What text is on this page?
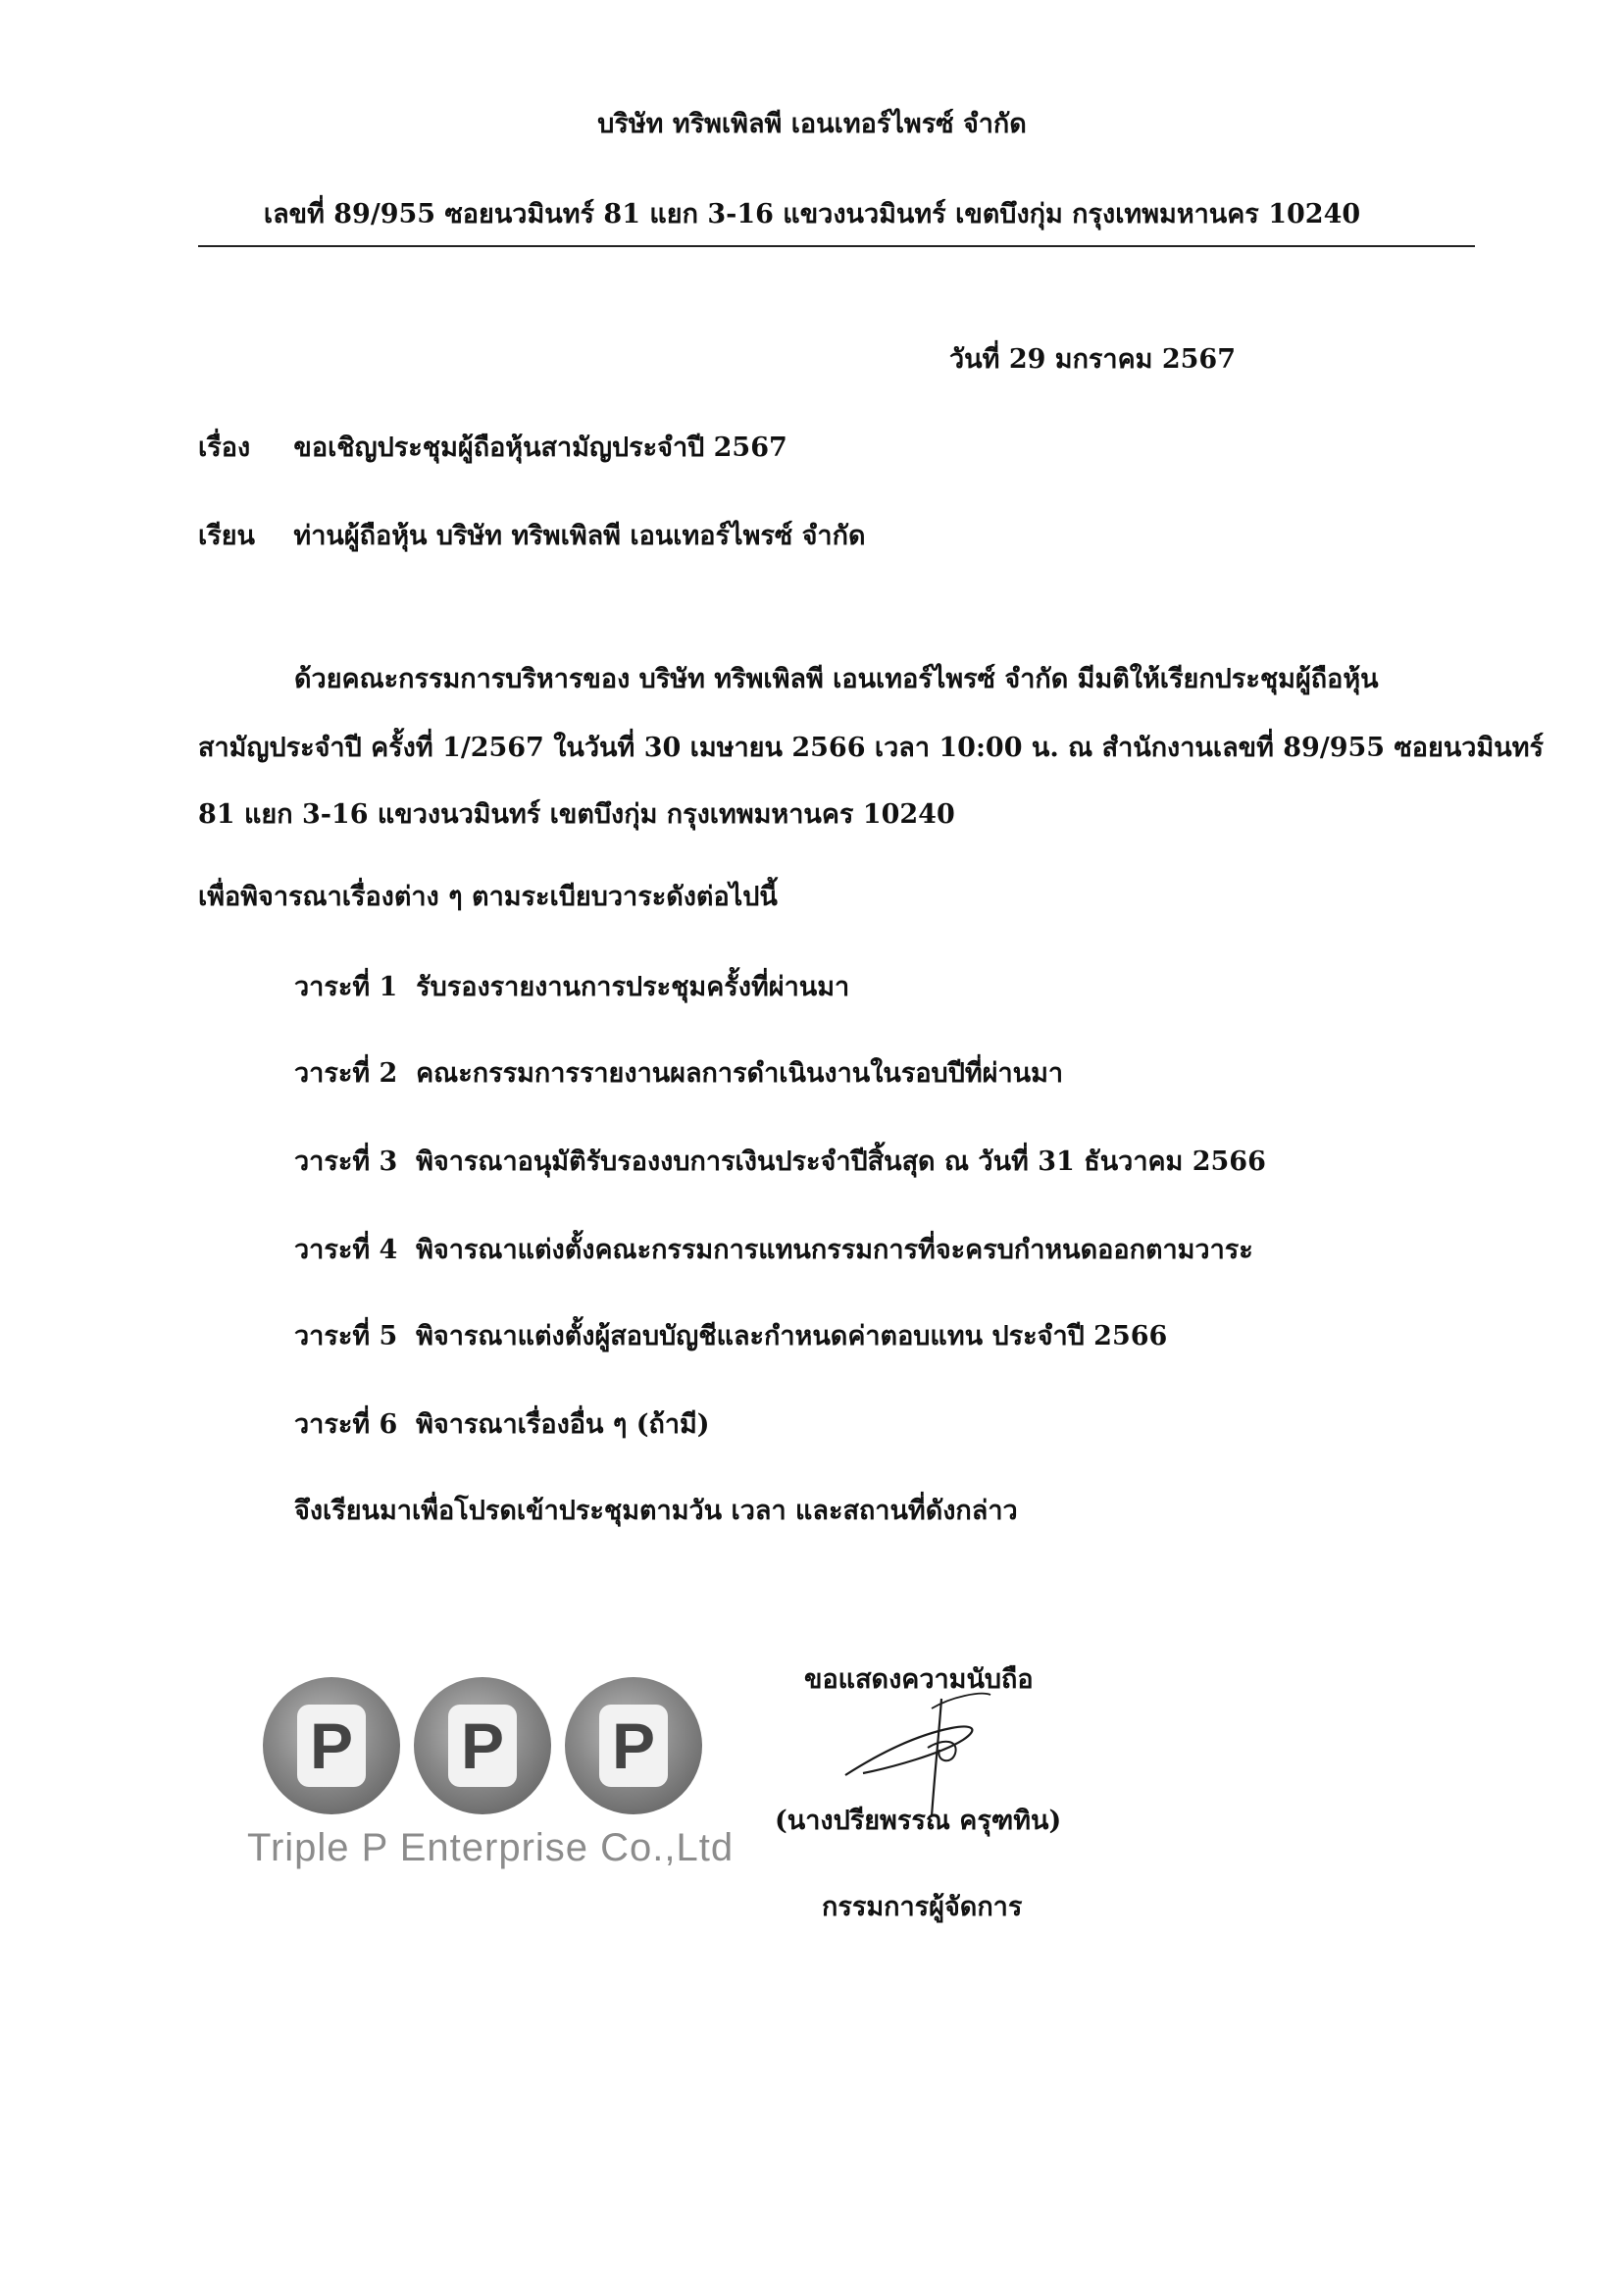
บริษัท ทริพเพิลพี เอนเทอร์ไพรซ์ จำกัด
เลขที่ 89/955 ซอยนวมินทร์ 81 แยก 3-16 แขวงนวมินทร์ เขตบึงกุ่ม กรุงเทพมหานคร 10240
วันที่ 29 มกราคม 2567
เรื่อง ขอเชิญประชุมผู้ถือหุ้นสามัญประจำปี 2567
เรียน ท่านผู้ถือหุ้น บริษัท ทริพเพิลพี เอนเทอร์ไพรซ์ จำกัด
ด้วยคณะกรรมการบริหารของ บริษัท ทริพเพิลพี เอนเทอร์ไพรซ์ จำกัด มีมติให้เรียกประชุมผู้ถือหุ้น
สามัญประจำปี ครั้งที่ 1/2567 ในวันที่ 30 เมษายน 2566 เวลา 10:00 น. ณ สำนักงานเลขที่ 89/955 ซอยนวมินทร์
81 แยก 3-16 แขวงนวมินทร์ เขตบึงกุ่ม กรุงเทพมหานคร 10240
เพื่อพิจารณาเรื่องต่าง ๆ ตามระเบียบวาระดังต่อไปนี้
วาระที่ 1 รับรองรายงานการประชุมครั้งที่ผ่านมา
วาระที่ 2 คณะกรรมการรายงานผลการดำเนินงานในรอบปีที่ผ่านมา
วาระที่ 3 พิจารณาอนุมัติรับรองงบการเงินประจำปีสิ้นสุด ณ วันที่ 31 ธันวาคม 2566
วาระที่ 4 พิจารณาแต่งตั้งคณะกรรมการแทนกรรมการที่จะครบกำหนดออกตามวาระ
วาระที่ 5 พิจารณาแต่งตั้งผู้สอบบัญชีและกำหนดค่าตอบแทน ประจำปี 2566
วาระที่ 6 พิจารณาเรื่องอื่น ๆ (ถ้ามี)
จึงเรียนมาเพื่อโปรดเข้าประชุมตามวัน เวลา และสถานที่ดังกล่าว
P P P
Triple P Enterprise Co.,Ltd
ขอแสดงความนับถือ
(นางปรียพรรณ ครุฑทิน)
กรรมการผู้จัดการ
